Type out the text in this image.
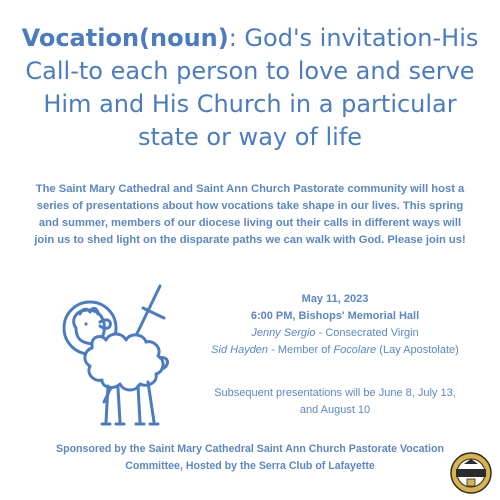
Vocation(noun): God's invitation-His Call-to each person to love and serve Him and His Church in a particular state or way of life
The Saint Mary Cathedral and Saint Ann Church Pastorate community will host a series of presentations about how vocations take shape in our lives. This spring and summer, members of our diocese living out their calls in different ways will join us to shed light on the disparate paths we can walk with God. Please join us!
May 11, 2023
6:00 PM, Bishops' Memorial Hall
Jenny Sergio - Consecrated Virgin
Sid Hayden - Member of Focolare (Lay Apostolate)
Subsequent presentations will be June 8, July 13, and August 10
Sponsored by the Saint Mary Cathedral Saint Ann Church Pastorate Vocation Committee, Hosted by the Serra Club of Lafayette
